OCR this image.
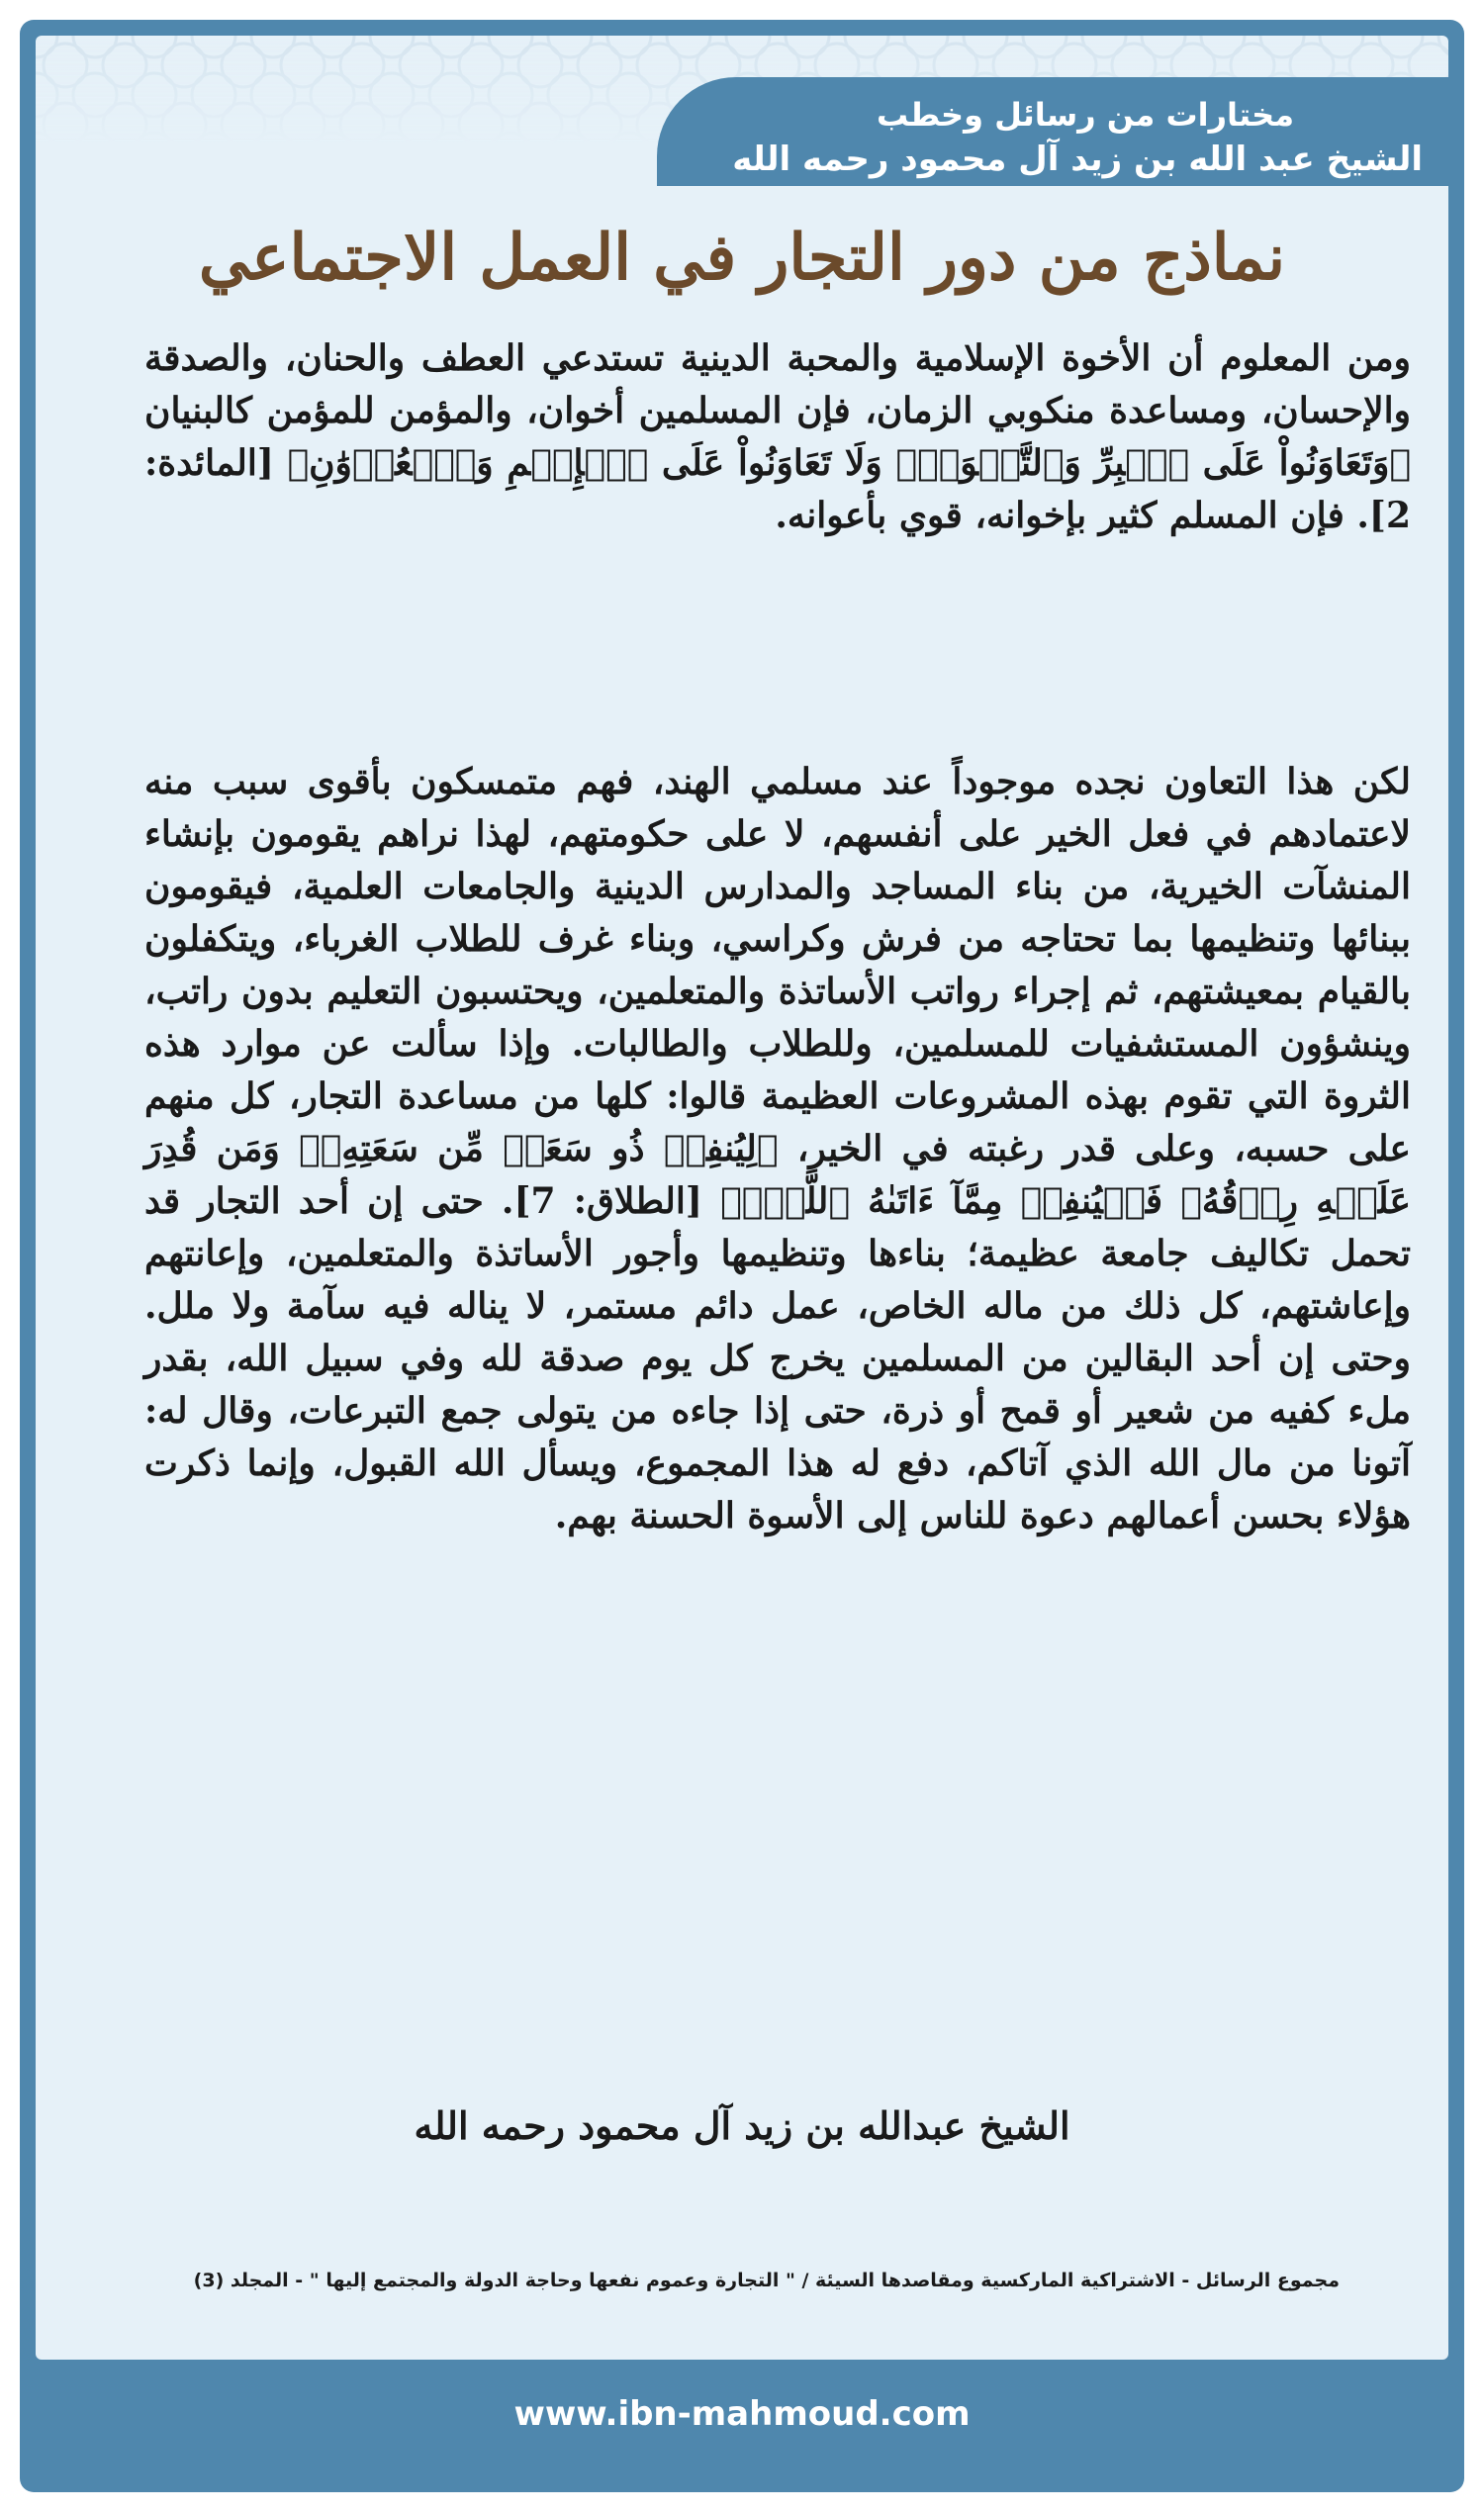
مختارات من رسائل وخطب
الشيخ عبد الله بن زيد آل محمود رحمه الله
نماذج من دور التجار في العمل الاجتماعي
ومن المعلوم أن الأخوة الإسلامية والمحبة الدينية تستدعي العطف والحنان، والصدقة والإحسان، ومساعدة منكوبي الزمان، فإن المسلمين أخوان، والمؤمن للمؤمن كالبنيان ﴿وَتَعَاوَنُواْ عَلَى ٱلۡبِرِّ وَٱلتَّقۡوَىٰۖ وَلَا تَعَاوَنُواْ عَلَى ٱلۡإِثۡمِ وَٱلۡعُدۡوَٰنِ﴾ [المائدة: 2]. فإن المسلم كثير بإخوانه، قوي بأعوانه.
لكن هذا التعاون نجده موجوداً عند مسلمي الهند، فهم متمسكون بأقوى سبب منه لاعتمادهم في فعل الخير على أنفسهم، لا على حكومتهم، لهذا نراهم يقومون بإنشاء المنشآت الخيرية، من بناء المساجد والمدارس الدينية والجامعات العلمية، فيقومون ببنائها وتنظيمها بما تحتاجه من فرش وكراسي، وبناء غرف للطلاب الغرباء، ويتكفلون بالقيام بمعيشتهم، ثم إجراء رواتب الأساتذة والمتعلمين، ويحتسبون التعليم بدون راتب، وينشؤون المستشفيات للمسلمين، وللطلاب والطالبات. وإذا سألت عن موارد هذه الثروة التي تقوم بهذه المشروعات العظيمة قالوا: كلها من مساعدة التجار، كل منهم على حسبه، وعلى قدر رغبته في الخير، ﴿لِيُنفِقۡ ذُو سَعَةٖ مِّن سَعَتِهِۦۖ وَمَن قُدِرَ عَلَيۡهِ رِزۡقُهُۥ فَلۡيُنفِقۡ مِمَّآ ءَاتَىٰهُ ٱللَّهُۚ﴾ [الطلاق: 7]. حتى إن أحد التجار قد تحمل تكاليف جامعة عظيمة؛ بناءها وتنظيمها وأجور الأساتذة والمتعلمين، وإعانتهم وإعاشتهم، كل ذلك من ماله الخاص، عمل دائم مستمر، لا يناله فيه سآمة ولا ملل. وحتى إن أحد البقالين من المسلمين يخرج كل يوم صدقة لله وفي سبيل الله، بقدر ملء كفيه من شعير أو قمح أو ذرة، حتى إذا جاءه من يتولى جمع التبرعات، وقال له: آتونا من مال الله الذي آتاكم، دفع له هذا المجموع، ويسأل الله القبول، وإنما ذكرت هؤلاء بحسن أعمالهم دعوة للناس إلى الأسوة الحسنة بهم.
الشيخ عبدالله بن زيد آل محمود رحمه الله
مجموع الرسائل - الاشتراكية الماركسية ومقاصدها السيئة / " التجارة وعموم نفعها وحاجة الدولة والمجتمع إليها " - المجلد (3)
www.ibn-mahmoud.com
